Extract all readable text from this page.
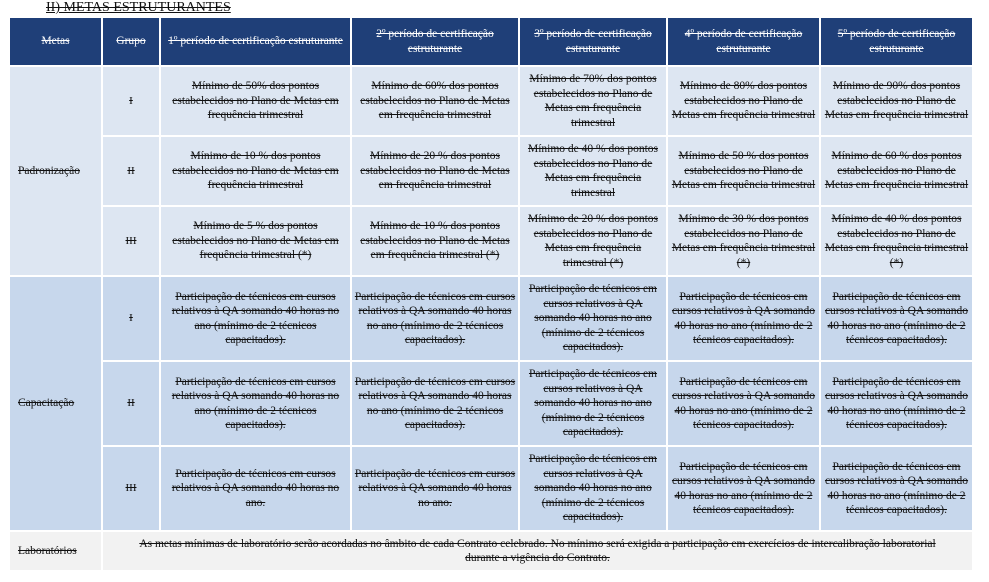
II) METAS ESTRUTURANTES
Metas	Grupo	1º período de certificação estruturante	2º período de certificação estruturante	3º período de certificação estruturante	4º período de certificação estruturante	5º período de certificação estruturante
Padronização	I	Mínimo de 50% dos pontos estabelecidos no Plano de Metas em frequência trimestral	Mínimo de 60% dos pontos estabelecidos no Plano de Metas em frequência trimestral	Mínimo de 70% dos pontos estabelecidos no Plano de Metas em frequência trimestral	Mínimo de 80% dos pontos estabelecidos no Plano de Metas em frequência trimestral	Mínimo de 90% dos pontos estabelecidos no Plano de Metas em frequência trimestral
	II	Mínimo de 10 % dos pontos estabelecidos no Plano de Metas em frequência trimestral	Mínimo de 20 % dos pontos estabelecidos no Plano de Metas em frequência trimestral	Mínimo de 40 % dos pontos estabelecidos no Plano de Metas em frequência trimestral	Mínimo de 50 % dos pontos estabelecidos no Plano de Metas em frequência trimestral	Mínimo de 60 % dos pontos estabelecidos no Plano de Metas em frequência trimestral
	III	Mínimo de 5 % dos pontos estabelecidos no Plano de Metas em frequência trimestral (*)	Mínimo de 10 % dos pontos estabelecidos no Plano de Metas em frequência trimestral (*)	Mínimo de 20 % dos pontos estabelecidos no Plano de Metas em frequência trimestral (*)	Mínimo de 30 % dos pontos estabelecidos no Plano de Metas em frequência trimestral (*)	Mínimo de 40 % dos pontos estabelecidos no Plano de Metas em frequência trimestral (*)
Capacitação	I	Participação de técnicos em cursos relativos à QA somando 40 horas no ano (mínimo de 2 técnicos capacitados).	Participação de técnicos em cursos relativos à QA somando 40 horas no ano (mínimo de 2 técnicos capacitados).	Participação de técnicos em cursos relativos à QA somando 40 horas no ano (mínimo de 2 técnicos capacitados).	Participação de técnicos em cursos relativos à QA somando 40 horas no ano (mínimo de 2 técnicos capacitados).	Participação de técnicos em cursos relativos à QA somando 40 horas no ano (mínimo de 2 técnicos capacitados).
	II	Participação de técnicos em cursos relativos à QA somando 40 horas no ano (mínimo de 2 técnicos capacitados).	Participação de técnicos em cursos relativos à QA somando 40 horas no ano (mínimo de 2 técnicos capacitados).	Participação de técnicos em cursos relativos à QA somando 40 horas no ano (mínimo de 2 técnicos capacitados).	Participação de técnicos em cursos relativos à QA somando 40 horas no ano (mínimo de 2 técnicos capacitados).	Participação de técnicos em cursos relativos à QA somando 40 horas no ano (mínimo de 2 técnicos capacitados).
	III	Participação de técnicos em cursos relativos à QA somando 40 horas no ano.	Participação de técnicos em cursos relativos à QA somando 40 horas no ano.	Participação de técnicos em cursos relativos à QA somando 40 horas no ano (mínimo de 2 técnicos capacitados).	Participação de técnicos em cursos relativos à QA somando 40 horas no ano (mínimo de 2 técnicos capacitados).	Participação de técnicos em cursos relativos à QA somando 40 horas no ano (mínimo de 2 técnicos capacitados).
Laboratórios	As metas mínimas de laboratório serão acordadas no âmbito de cada Contrato celebrado. No mínimo será exigida a participação em exercícios de intercalibração laboratorial durante a vigência do Contrato.					
